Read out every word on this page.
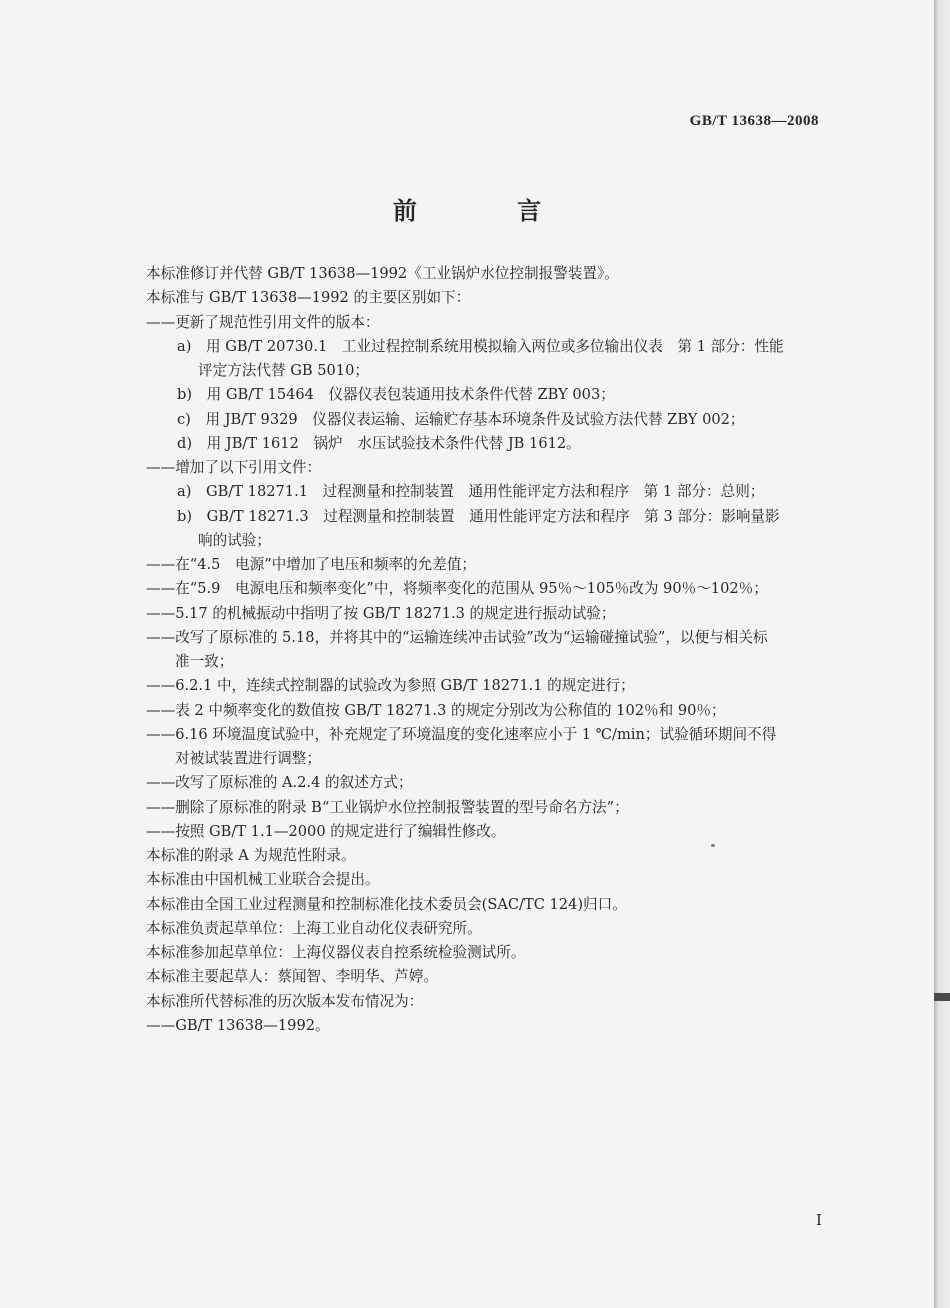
GB/T 13638—2008
前 言
本标准修订并代替 GB/T 13638—1992《工业锅炉水位控制报警装置》。
本标准与 GB/T 13638—1992 的主要区别如下：
——更新了规范性引用文件的版本：
a)　用 GB/T 20730.1　工业过程控制系统用模拟输入两位或多位输出仪表　第 1 部分：性能
评定方法代替 GB 5010；
b)　用 GB/T 15464　仪器仪表包装通用技术条件代替 ZBY 003；
c)　用 JB/T 9329　仪器仪表运输、运输贮存基本环境条件及试验方法代替 ZBY 002；
d)　用 JB/T 1612　锅炉　水压试验技术条件代替 JB 1612。
——增加了以下引用文件：
a)　GB/T 18271.1　过程测量和控制装置　通用性能评定方法和程序　第 1 部分：总则；
b)　GB/T 18271.3　过程测量和控制装置　通用性能评定方法和程序　第 3 部分：影响量影
响的试验；
——在“4.5　电源”中增加了电压和频率的允差值；
——在“5.9　电源电压和频率变化”中，将频率变化的范围从 95％～105％改为 90％～102％；
——5.17 的机械振动中指明了按 GB/T 18271.3 的规定进行振动试验；
——改写了原标准的 5.18，并将其中的“运输连续冲击试验”改为“运输碰撞试验”，以便与相关标
准一致；
——6.2.1 中，连续式控制器的试验改为参照 GB/T 18271.1 的规定进行；
——表 2 中频率变化的数值按 GB/T 18271.3 的规定分别改为公称值的 102％和 90％；
——6.16 环境温度试验中，补充规定了环境温度的变化速率应小于 1 ℃/min；试验循环期间不得
对被试装置进行调整；
——改写了原标准的 A.2.4 的叙述方式；
——删除了原标准的附录 B“工业锅炉水位控制报警装置的型号命名方法”；
——按照 GB/T 1.1—2000 的规定进行了编辑性修改。
本标准的附录 A 为规范性附录。
本标准由中国机械工业联合会提出。
本标准由全国工业过程测量和控制标准化技术委员会(SAC/TC 124)归口。
本标准负责起草单位：上海工业自动化仪表研究所。
本标准参加起草单位：上海仪器仪表自控系统检验测试所。
本标准主要起草人：蔡闻智、李明华、芦婷。
本标准所代替标准的历次版本发布情况为：
——GB/T 13638—1992。
I
